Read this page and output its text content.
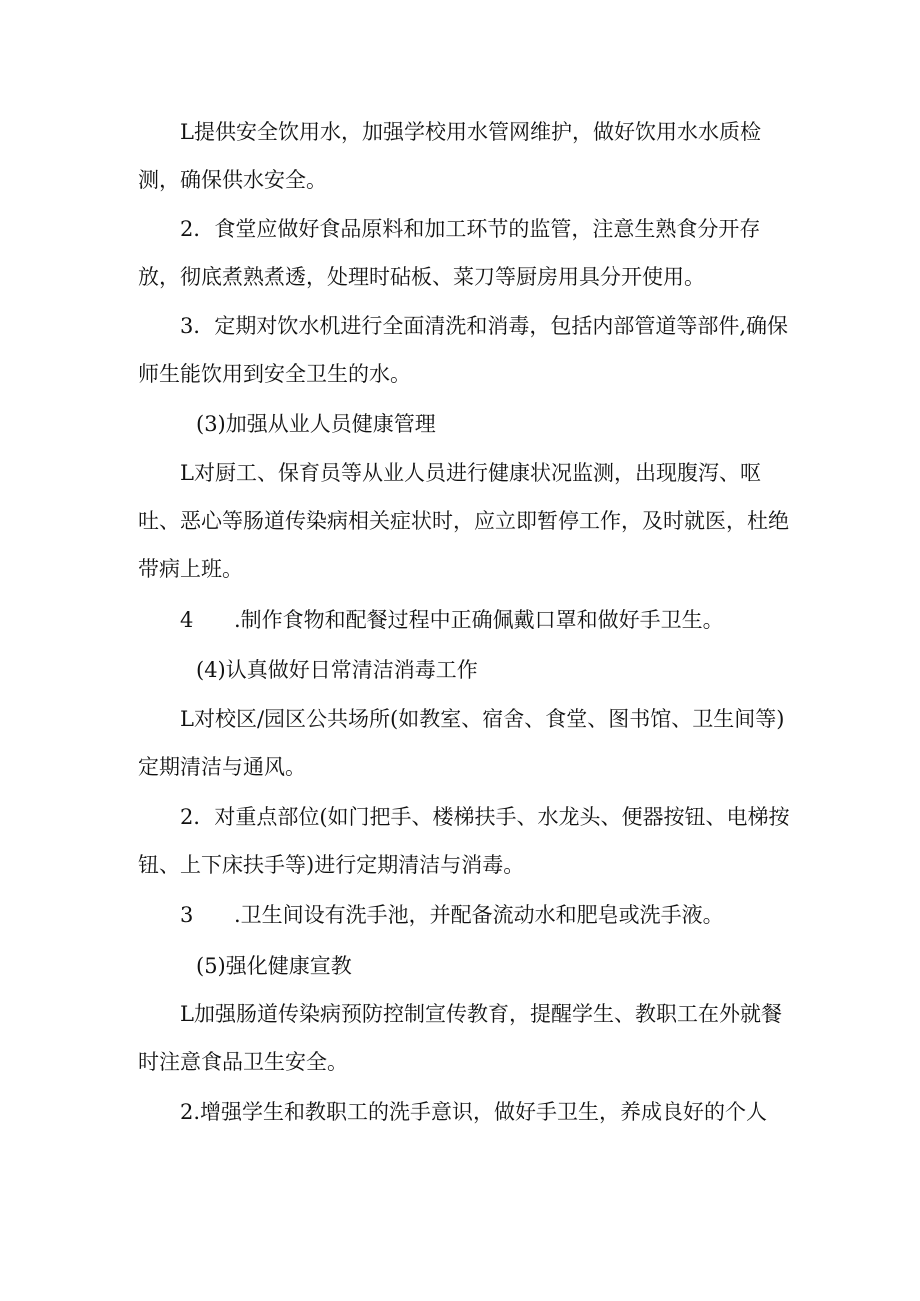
L提供安全饮用水，加强学校用水管网维护，做好饮用水水质检测，确保供水安全。

2．食堂应做好食品原料和加工环节的监管，注意生熟食分开存放，彻底煮熟煮透，处理时砧板、菜刀等厨房用具分开使用。

3．定期对饮水机进行全面清洗和消毒，包括内部管道等部件,确保师生能饮用到安全卫生的水。

(3)加强从业人员健康管理

L对厨工、保育员等从业人员进行健康状况监测，出现腹泻、呕吐、恶心等肠道传染病相关症状时，应立即暂停工作，及时就医，杜绝带病上班。

4 .制作食物和配餐过程中正确佩戴口罩和做好手卫生。

(4)认真做好日常清洁消毒工作

L对校区/园区公共场所(如教室、宿舍、食堂、图书馆、卫生间等)定期清洁与通风。

2．对重点部位(如门把手、楼梯扶手、水龙头、便器按钮、电梯按钮、上下床扶手等)进行定期清洁与消毒。

3 .卫生间设有洗手池，并配备流动水和肥皂或洗手液。

(5)强化健康宣教

L加强肠道传染病预防控制宣传教育，提醒学生、教职工在外就餐时注意食品卫生安全。

2.增强学生和教职工的洗手意识，做好手卫生，养成良好的个人
